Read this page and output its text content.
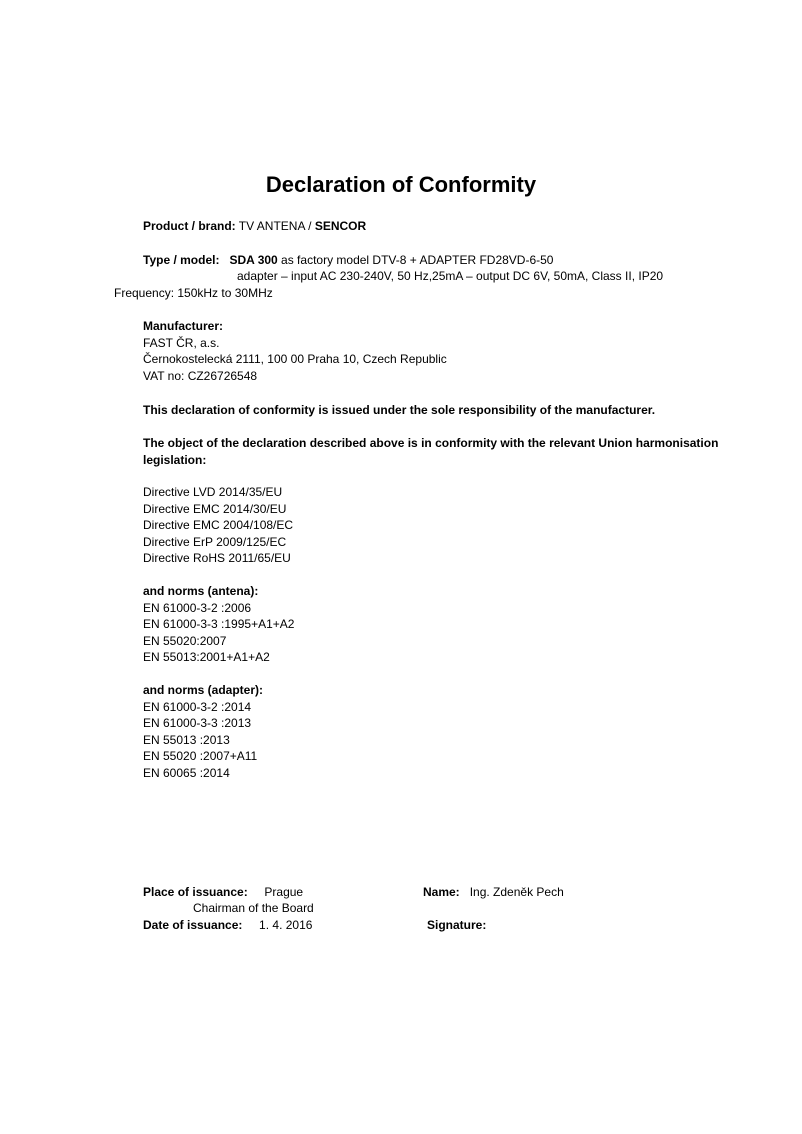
Declaration of Conformity
Product / brand: TV ANTENA / SENCOR
Type / model: SDA 300 as factory model DTV-8 + ADAPTER FD28VD-6-50
adapter – input AC 230-240V, 50 Hz,25mA – output DC 6V, 50mA, Class II, IP20
Frequency: 150kHz to 30MHz
Manufacturer:
FAST ČR, a.s.
Černokostelecká 2111, 100 00 Praha 10, Czech Republic
VAT no: CZ26726548
This declaration of conformity is issued under the sole responsibility of the manufacturer.
The object of the declaration described above is in conformity with the relevant Union harmonisation
legislation:
Directive LVD 2014/35/EU
Directive EMC 2014/30/EU
Directive EMC 2004/108/EC
Directive ErP 2009/125/EC
Directive RoHS 2011/65/EU
and norms (antena):
EN 61000-3-2 :2006
EN 61000-3-3 :1995+A1+A2
EN 55020:2007
EN 55013:2001+A1+A2
and norms (adapter):
EN 61000-3-2 :2014
EN 61000-3-3 :2013
EN 55013 :2013
EN 55020 :2007+A11
EN 60065 :2014
Place of issuance: Prague	Name: Ing. Zdeněk Pech
Chairman of the Board
Date of issuance: 1. 4. 2016	Signature:
